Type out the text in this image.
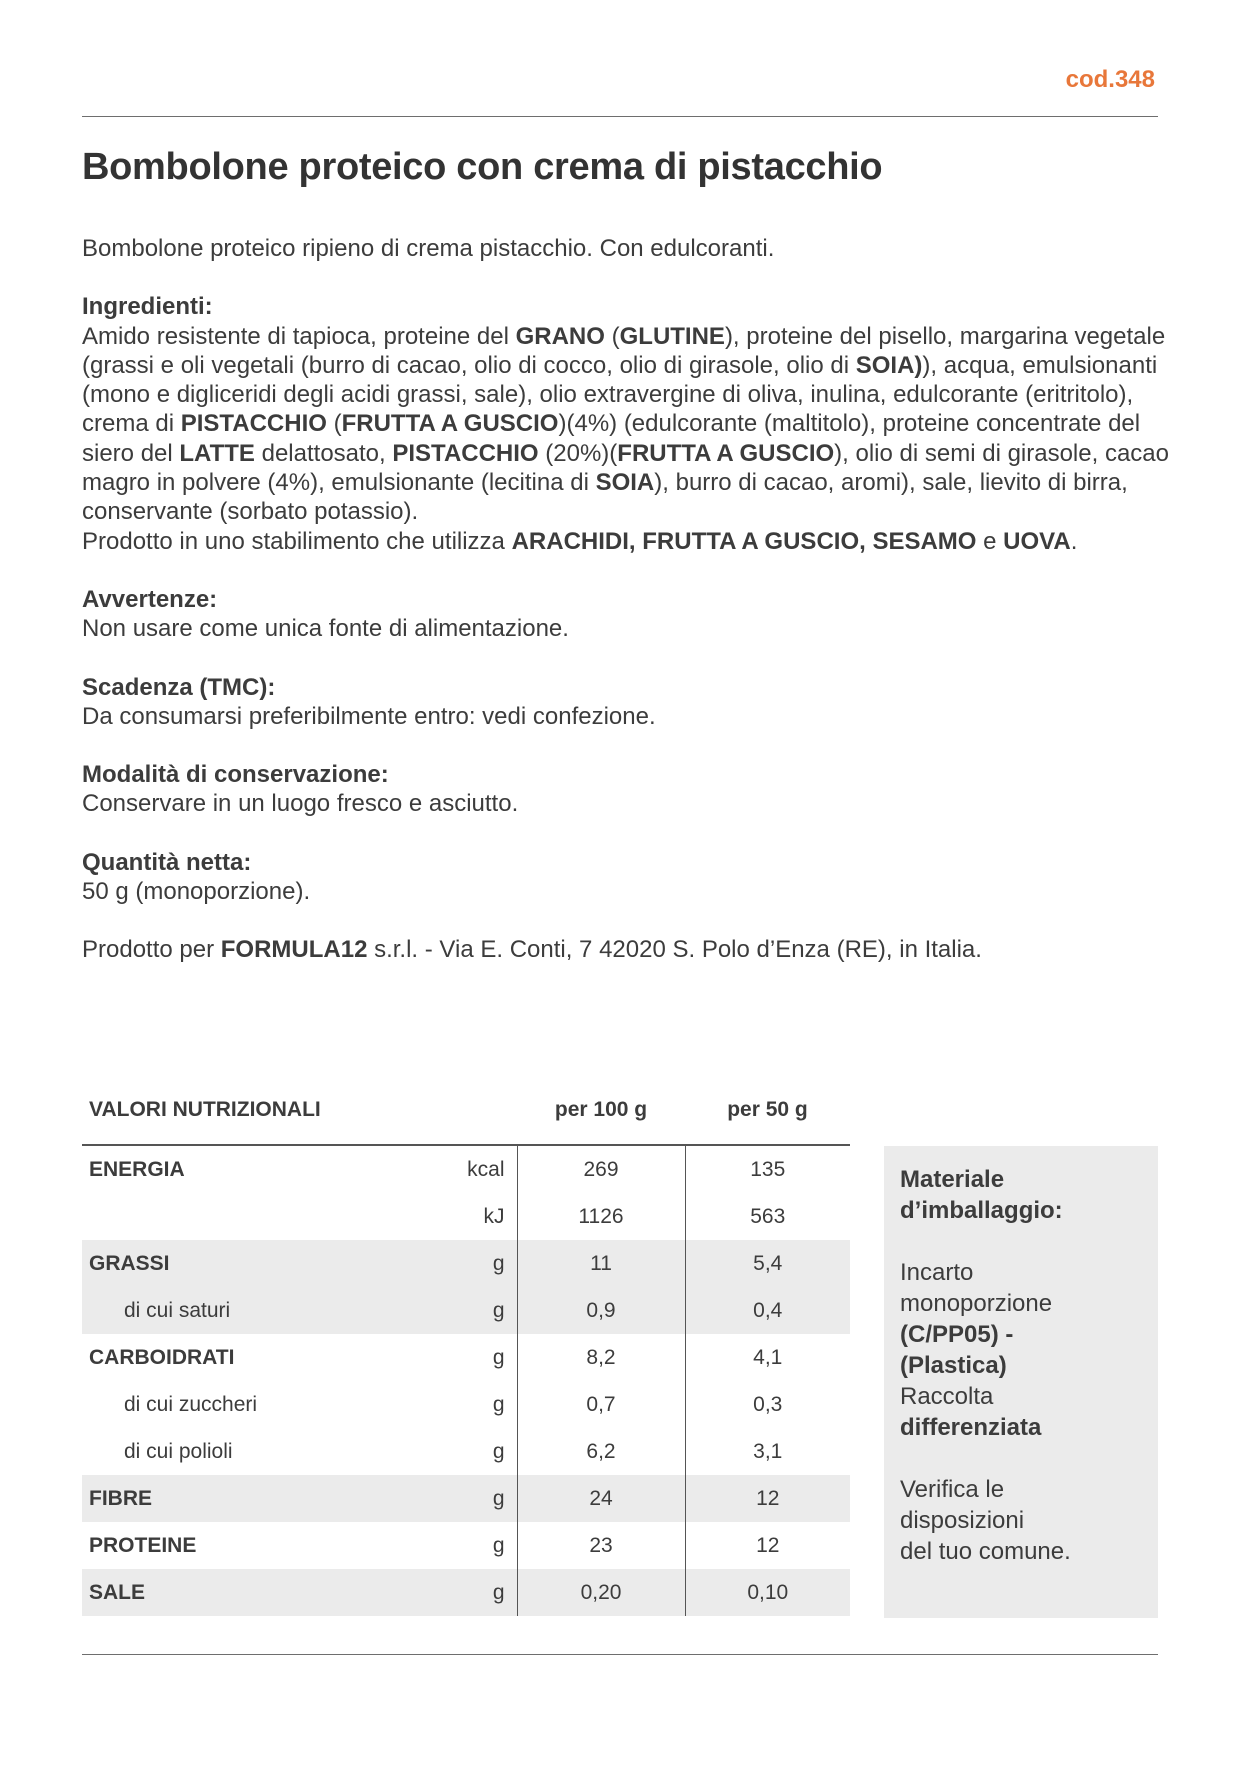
cod.348
Bombolone proteico con crema di pistacchio

Bombolone proteico ripieno di crema pistacchio. Con edulcoranti.

Ingredienti:

Amido resistente di tapioca, proteine del GRANO (GLUTINE), proteine del pisello, margarina vegetale (grassi e oli vegetali (burro di cacao, olio di cocco, olio di girasole, olio di SOIA)), acqua, emulsionanti (mono e digliceridi degli acidi grassi, sale), olio extravergine di oliva, inulina, edulcorante (eritritolo), crema di PISTACCHIO (FRUTTA A GUSCIO)(4%) (edulcorante (maltitolo), proteine concentrate del siero del LATTE delattosato, PISTACCHIO (20%)(FRUTTA A GUSCIO), olio di semi di girasole, cacao magro in polvere (4%), emulsionante (lecitina di SOIA), burro di cacao, aromi), sale, lievito di birra, conservante (sorbato potassio).

Prodotto in uno stabilimento che utilizza ARACHIDI, FRUTTA A GUSCIO, SESAMO e UOVA.

Avvertenze:

Non usare come unica fonte di alimentazione.

Scadenza (TMC):

Da consumarsi preferibilmente entro: vedi confezione.

Modalità di conservazione:

Conservare in un luogo fresco e asciutto.

Quantità netta:

50 g (monoporzione).

Prodotto per FORMULA12 s.r.l. - Via E. Conti, 7 42020 S. Polo d’Enza (RE), in Italia.

VALORI NUTRIZIONALI	per 100 g	per 50 g
ENERGIA	kcal	269	135
	kJ	1126	563
GRASSI	g	11	5,4
di cui saturi	g	0,9	0,4
CARBOIDRATI	g	8,2	4,1
di cui zuccheri	g	0,7	0,3
di cui polioli	g	6,2	3,1
FIBRE	g	24	12
PROTEINE	g	23	12
SALE	g	0,20	0,10

Materiale

d’imballaggio:

Incarto

monoporzione

(C/PP05) -

(Plastica)

Raccolta

differenziata

Verifica le

disposizioni

del tuo comune.
